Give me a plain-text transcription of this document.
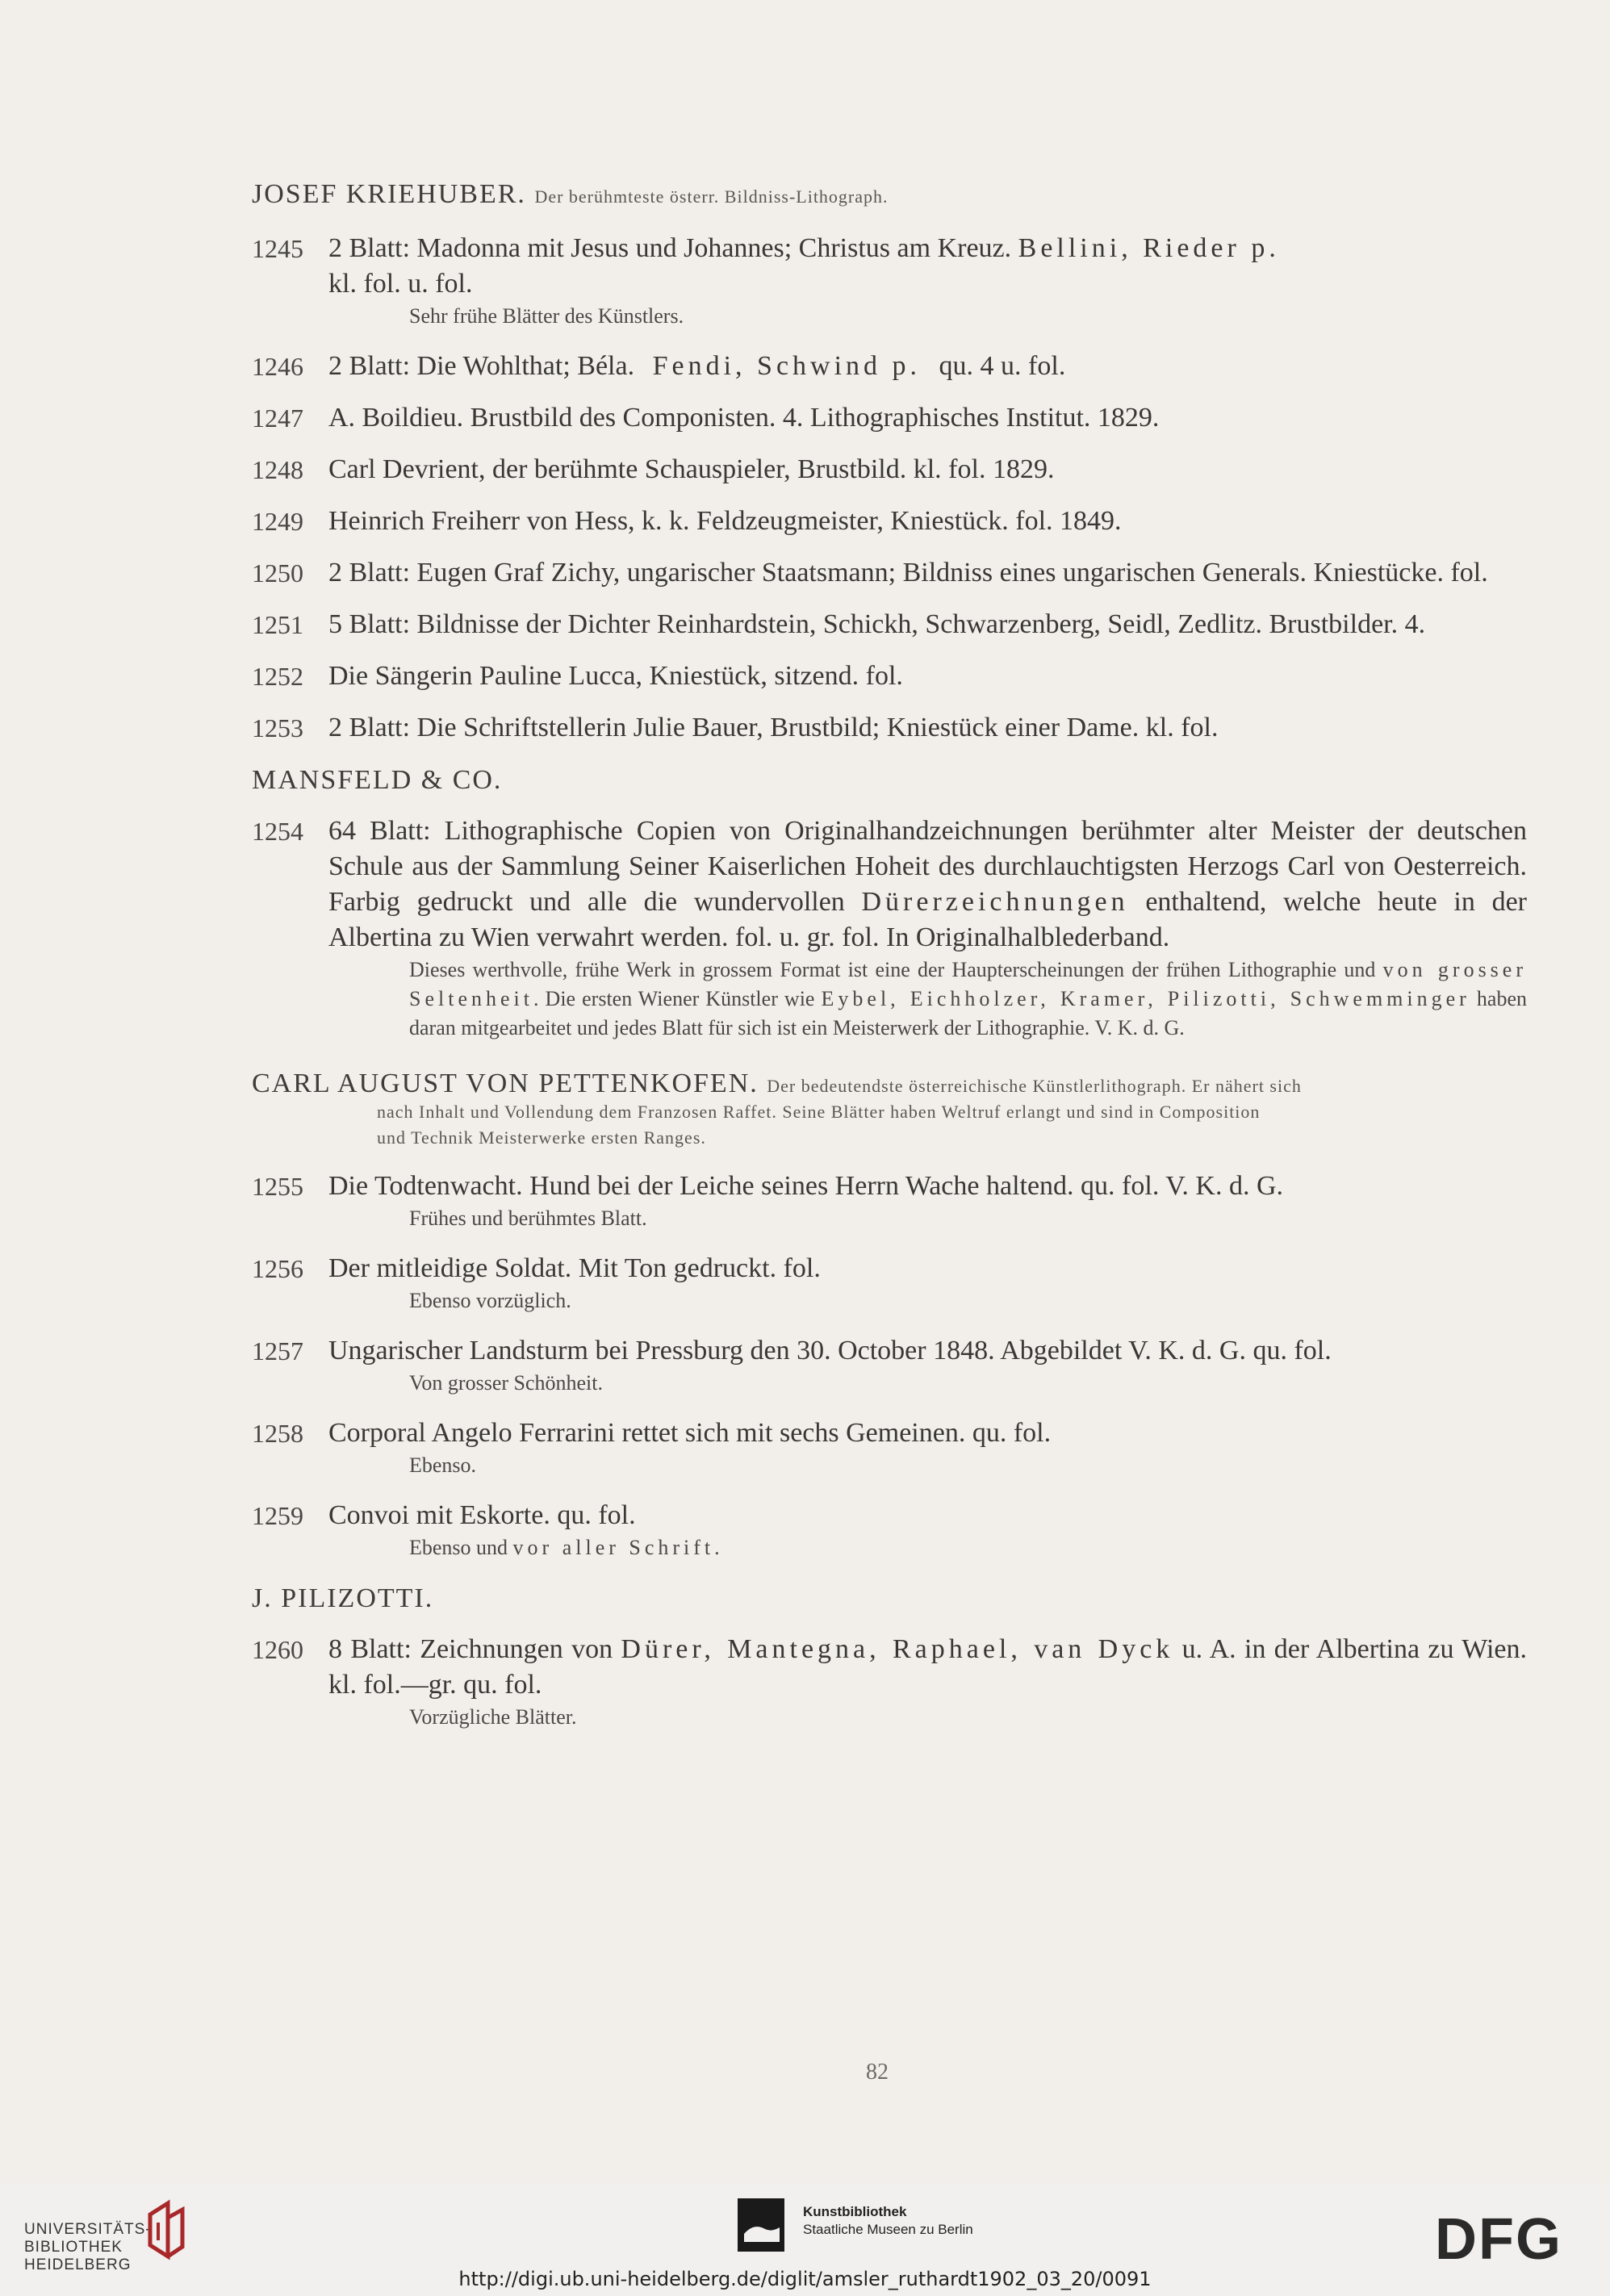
JOSEF KRIEHUBER. Der berühmteste österr. Bildniss-Lithograph.
1245 2 Blatt: Madonna mit Jesus und Johannes; Christus am Kreuz. Bellini, Rieder p.
kl. fol. u. fol.
Sehr frühe Blätter des Künstlers.
1246 2 Blatt: Die Wohlthat; Béla. Fendi, Schwind p. qu. 4 u. fol.
1247 A. Boildieu. Brustbild des Componisten. 4. Lithographisches Institut. 1829.
1248 Carl Devrient, der berühmte Schauspieler, Brustbild. kl. fol. 1829.
1249 Heinrich Freiherr von Hess, k. k. Feldzeugmeister, Kniestück. fol. 1849.
1250 2 Blatt: Eugen Graf Zichy, ungarischer Staatsmann; Bildniss eines ungarischen Generals. Kniestücke. fol.
1251 5 Blatt: Bildnisse der Dichter Reinhardstein, Schickh, Schwarzenberg, Seidl, Zedlitz. Brustbilder. 4.
1252 Die Sängerin Pauline Lucca, Kniestück, sitzend. fol.
1253 2 Blatt: Die Schriftstellerin Julie Bauer, Brustbild; Kniestück einer Dame. kl. fol.
MANSFELD & CO.
1254 64 Blatt: Lithographische Copien von Originalhandzeichnungen berühmter alter Meister der deutschen Schule aus der Sammlung Seiner Kaiserlichen Hoheit des durchlauchtigsten Herzogs Carl von Oesterreich. Farbig gedruckt und alle die wundervollen Dürerzeichnungen enthaltend, welche heute in der Albertina zu Wien verwahrt werden. fol. u. gr. fol. In Originalhalblederband.
Dieses werthvolle, frühe Werk in grossem Format ist eine der Haupterscheinungen der frühen Lithographie und von grosser Seltenheit. Die ersten Wiener Künstler wie Eybel, Eichholzer, Kramer, Pilizotti, Schwemminger haben daran mitgearbeitet und jedes Blatt für sich ist ein Meisterwerk der Lithographie. V. K. d. G.
CARL AUGUST VON PETTENKOFEN. Der bedeutendste österreichische Künstlerlithograph. Er nähert sich
nach Inhalt und Vollendung dem Franzosen Raffet. Seine Blätter haben Weltruf erlangt und sind in Composition
und Technik Meisterwerke ersten Ranges.
1255 Die Todtenwacht. Hund bei der Leiche seines Herrn Wache haltend. qu. fol. V. K. d. G.
Frühes und berühmtes Blatt.
1256 Der mitleidige Soldat. Mit Ton gedruckt. fol.
Ebenso vorzüglich.
1257 Ungarischer Landsturm bei Pressburg den 30. October 1848. Abgebildet V. K. d. G. qu. fol.
Von grosser Schönheit.
1258 Corporal Angelo Ferrarini rettet sich mit sechs Gemeinen. qu. fol.
Ebenso.
1259 Convoi mit Eskorte. qu. fol.
Ebenso und vor aller Schrift.
J. PILIZOTTI.
1260 8 Blatt: Zeichnungen von Dürer, Mantegna, Raphael, van Dyck u. A. in der Albertina zu Wien. kl. fol.—gr. qu. fol.
Vorzügliche Blätter.
82
UNIVERSITÄTS-
BIBLIOTHEK
HEIDELBERG
Kunstbibliothek
Staatliche Museen zu Berlin	DFG
http://digi.ub.uni-heidelberg.de/diglit/amsler_ruthardt1902_03_20/0091
